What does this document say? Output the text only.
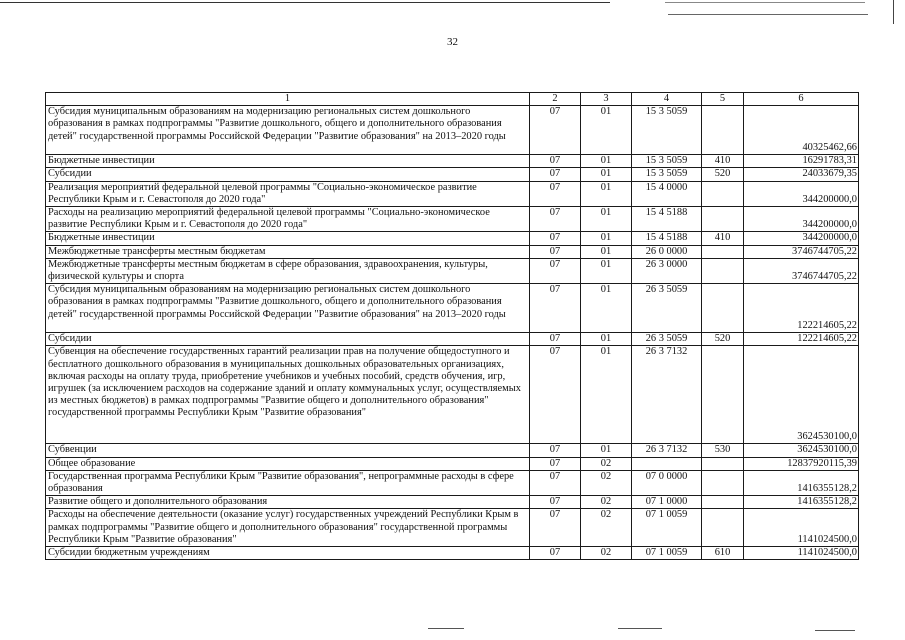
32
1	2	3	4	5	6
Субсидия муниципальным образованиям на модернизацию региональных систем дошкольного образования в рамках подпрограммы "Развитие дошкольного, общего и дополнительного образования детей" государственной программы Российской Федерации "Развитие образования" на 2013–2020 годы	07	01	15 3 5059		40325462,66
Бюджетные инвестиции	07	01	15 3 5059	410	16291783,31
Субсидии	07	01	15 3 5059	520	24033679,35
Реализация мероприятий федеральной целевой программы "Социально-экономическое развитие Республики Крым и г. Севастополя до 2020 года"	07	01	15 4 0000		344200000,0
Расходы на реализацию мероприятий федеральной целевой программы "Социально-экономическое развитие Республики Крым и г. Севастополя до 2020 года"	07	01	15 4 5188		344200000,0
Бюджетные инвестиции	07	01	15 4 5188	410	344200000,0
Межбюджетные трансферты местным бюджетам	07	01	26 0 0000		3746744705,22
Межбюджетные трансферты местным бюджетам в сфере образования, здравоохранения, культуры, физической культуры и спорта	07	01	26 3 0000		3746744705,22
Субсидия муниципальным образованиям на модернизацию региональных систем дошкольного образования в рамках подпрограммы "Развитие дошкольного, общего и дополнительного образования детей" государственной программы Российской Федерации "Развитие образования" на 2013–2020 годы	07	01	26 3 5059		122214605,22
Субсидии	07	01	26 3 5059	520	122214605,22
Субвенция на обеспечение государственных гарантий реализации прав на получение общедоступного и бесплатного дошкольного образования в муниципальных дошкольных образовательных организациях, включая расходы на оплату труда, приобретение учебников и учебных пособий, средств обучения, игр, игрушек (за исключением расходов на содержание зданий и оплату коммунальных услуг, осуществляемых из местных бюджетов) в рамках подпрограммы "Развитие общего и дополнительного образования" государственной программы Республики Крым "Развитие образования"	07	01	26 3 7132		3624530100,0
Субвенции	07	01	26 3 7132	530	3624530100,0
Общее образование	07	02			12837920115,39
Государственная программа Республики Крым "Развитие образования", непрограммные расходы в сфере образования	07	02	07 0 0000		1416355128,2
Развитие общего и дополнительного образования	07	02	07 1 0000		1416355128,2
Расходы на обеспечение деятельности (оказание услуг) государственных учреждений Республики Крым в рамках подпрограммы "Развитие общего и дополнительного образования" государственной программы Республики Крым "Развитие образования"	07	02	07 1 0059		1141024500,0
Субсидии бюджетным учреждениям	07	02	07 1 0059	610	1141024500,0
